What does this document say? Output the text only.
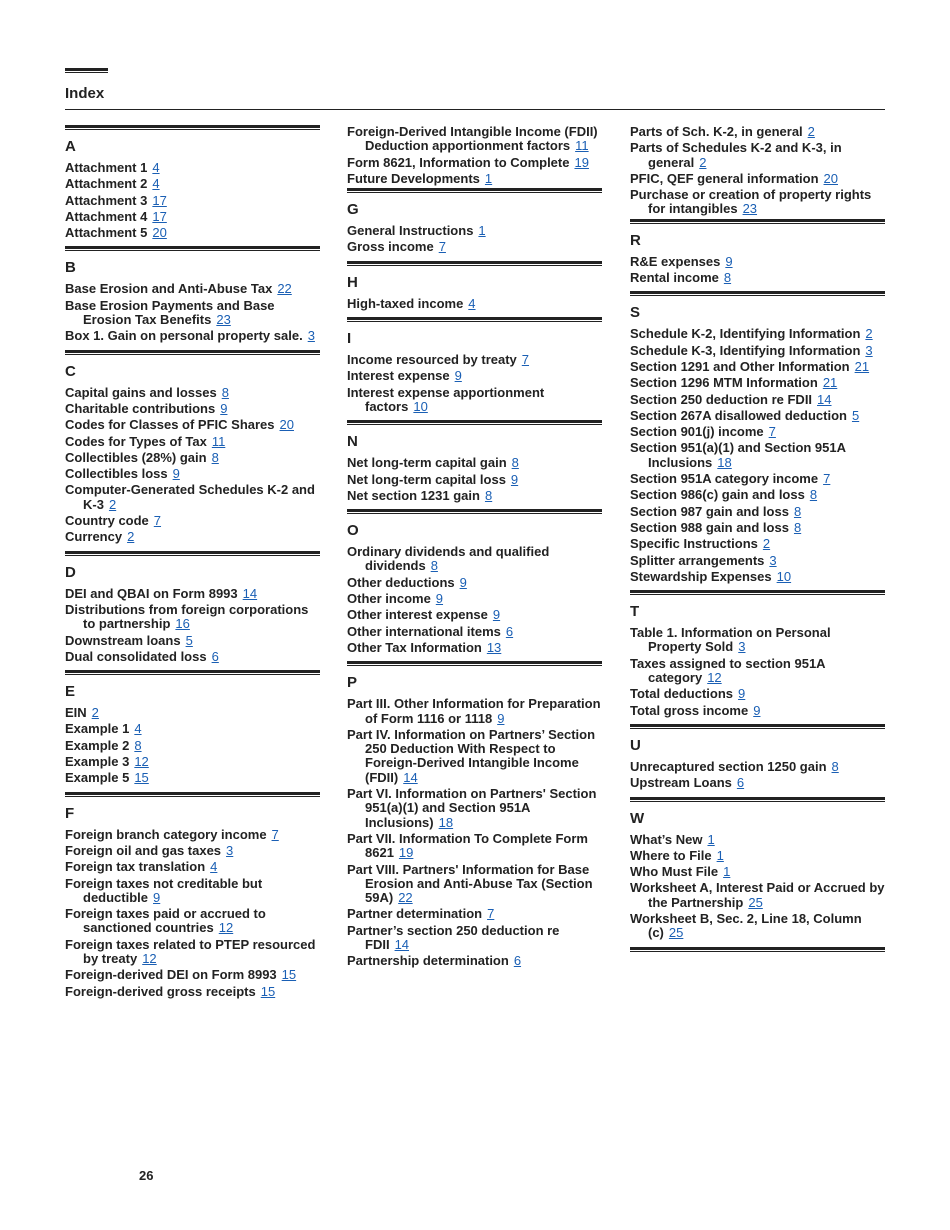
Index
A
Attachment 1 4
Attachment 2 4
Attachment 3 17
Attachment 4 17
Attachment 5 20
B
Base Erosion and Anti-Abuse Tax 22
Base Erosion Payments and Base Erosion Tax Benefits 23
Box 1. Gain on personal property sale. 3
C
Capital gains and losses 8
Charitable contributions 9
Codes for Classes of PFIC Shares 20
Codes for Types of Tax 11
Collectibles (28%) gain 8
Collectibles loss 9
Computer-Generated Schedules K-2 and K-3 2
Country code 7
Currency 2
D
DEI and QBAI on Form 8993 14
Distributions from foreign corporations to partnership 16
Downstream loans 5
Dual consolidated loss 6
E
EIN 2
Example 1 4
Example 2 8
Example 3 12
Example 5 15
F
Foreign branch category income 7
Foreign oil and gas taxes 3
Foreign tax translation 4
Foreign taxes not creditable but deductible 9
Foreign taxes paid or accrued to sanctioned countries 12
Foreign taxes related to PTEP resourced by treaty 12
Foreign-derived DEI on Form 8993 15
Foreign-derived gross receipts 15
Foreign-Derived Intangible Income (FDII) Deduction apportionment factors 11
Form 8621, Information to Complete 19
Future Developments 1
G
General Instructions 1
Gross income 7
H
High-taxed income 4
I
Income resourced by treaty 7
Interest expense 9
Interest expense apportionment factors 10
N
Net long-term capital gain 8
Net long-term capital loss 9
Net section 1231 gain 8
O
Ordinary dividends and qualified dividends 8
Other deductions 9
Other income 9
Other interest expense 9
Other international items 6
Other Tax Information 13
P
Part III. Other Information for Preparation of Form 1116 or 1118 9
Part IV. Information on Partners’ Section 250 Deduction With Respect to Foreign-Derived Intangible Income (FDII) 14
Part VI. Information on Partners' Section 951(a)(1) and Section 951A Inclusions) 18
Part VII. Information To Complete Form 8621 19
Part VIII. Partners' Information for Base Erosion and Anti-Abuse Tax (Section 59A) 22
Partner determination 7
Partner’s section 250 deduction re FDII 14
Partnership determination 6
Parts of Sch. K-2, in general 2
Parts of Schedules K-2 and K-3, in general 2
PFIC, QEF general information 20
Purchase or creation of property rights for intangibles 23
R
R&E expenses 9
Rental income 8
S
Schedule K-2, Identifying Information 2
Schedule K-3, Identifying Information 3
Section 1291 and Other Information 21
Section 1296 MTM Information 21
Section 250 deduction re FDII 14
Section 267A disallowed deduction 5
Section 901(j) income 7
Section 951(a)(1) and Section 951A Inclusions 18
Section 951A category income 7
Section 986(c) gain and loss 8
Section 987 gain and loss 8
Section 988 gain and loss 8
Specific Instructions 2
Splitter arrangements 3
Stewardship Expenses 10
T
Table 1. Information on Personal Property Sold 3
Taxes assigned to section 951A category 12
Total deductions 9
Total gross income 9
U
Unrecaptured section 1250 gain 8
Upstream Loans 6
W
What’s New 1
Where to File 1
Who Must File 1
Worksheet A, Interest Paid or Accrued by the Partnership 25
Worksheet B, Sec. 2, Line 18, Column (c) 25
26
